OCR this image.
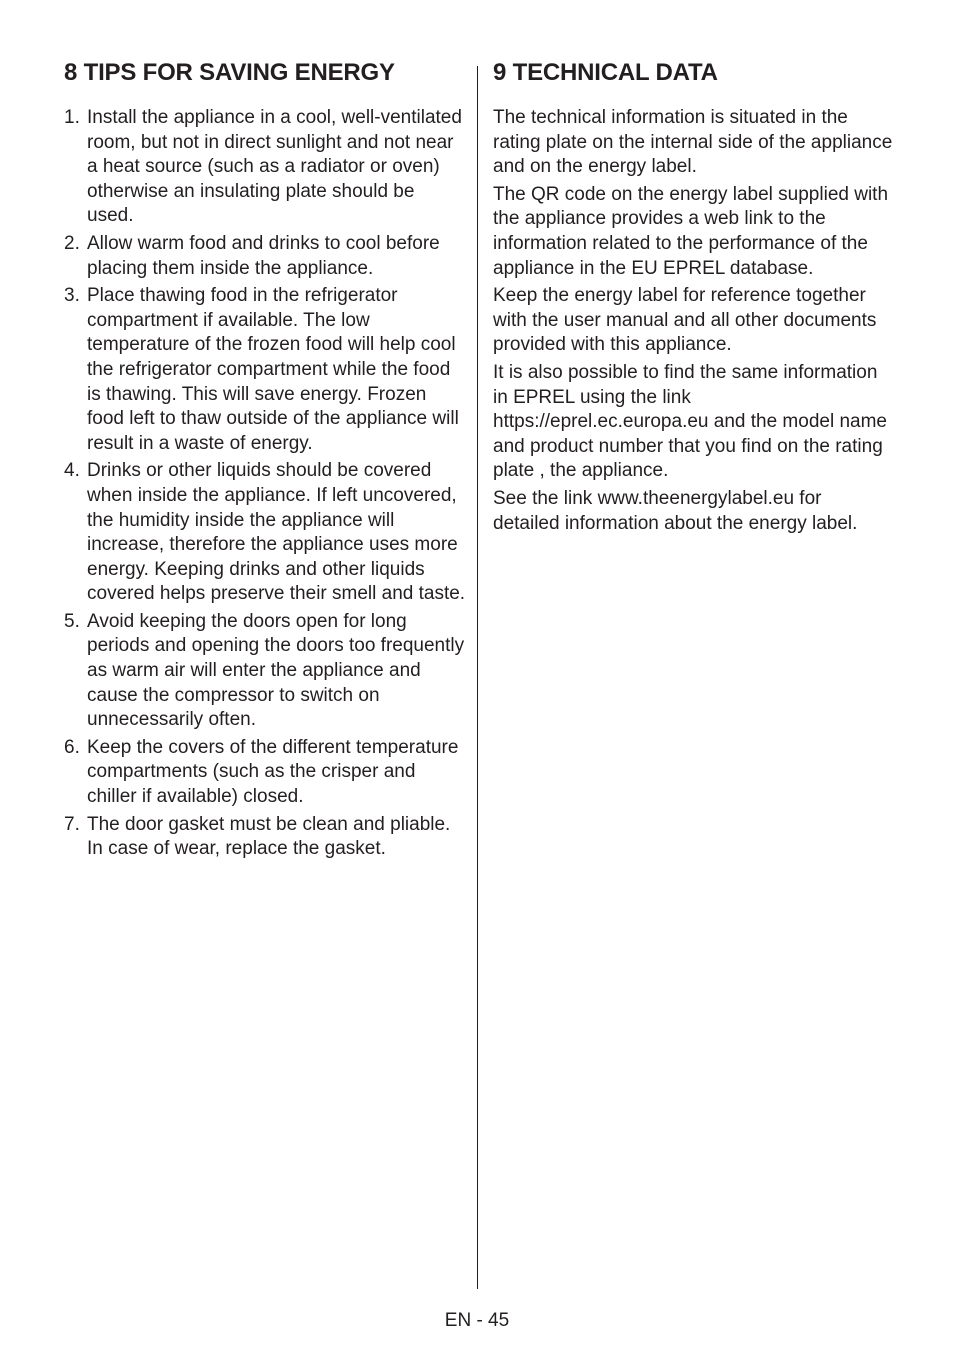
8 TIPS FOR SAVING ENERGY
1. Install the appliance in a cool, well-ventilated room, but not in direct sunlight and not near a heat source (such as a radiator or oven) otherwise an insulating plate should be used.
2. Allow warm food and drinks to cool before placing them inside the appliance.
3. Place thawing food in the refrigerator compartment if available. The low temperature of the frozen food will help cool the refrigerator compartment while the food is thawing. This will save energy. Frozen food left to thaw outside of the appliance will result in a waste of energy.
4. Drinks or other liquids should be covered when inside the appliance. If left uncovered, the humidity inside the appliance will increase, therefore the appliance uses more energy. Keeping drinks and other liquids covered helps preserve their smell and taste.
5. Avoid keeping the doors open for long periods and opening the doors too frequently as warm air will enter the appliance and cause the compressor to switch on unnecessarily often.
6. Keep the covers of the different temperature compartments (such as the crisper and chiller if available) closed.
7. The door gasket must be clean and pliable. In case of wear, replace the gasket.
9 TECHNICAL DATA

The technical information is situated in the rating plate on the internal side of the appliance and on the energy label.

The QR code on the energy label supplied with the appliance provides a web link to the information related to the performance of the appliance in the EU EPREL database.

Keep the energy label for reference together with the user manual and all other documents provided with this appliance.

It is also possible to find the same information in EPREL using the link https://eprel.ec.europa.eu and the model name and product number that you find on the rating plate , the appliance.

See the link www.theenergylabel.eu for detailed information about the energy label.

EN - 45
